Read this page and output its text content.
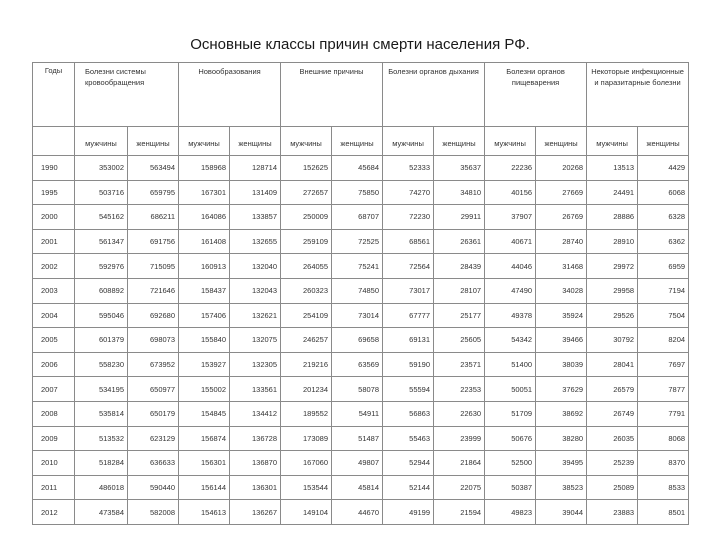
Основные классы причин смерти населения РФ.
Годы	Болезни системы кровообращения		Новообразования		Внешние причины		Болезни органов дыхания		Болезни органов пищеварения		Некоторые инфекционные и паразитарные болезни	
	мужчины	женщины	мужчины	женщины	мужчины	женщины	мужчины	женщины	мужчины	женщины	мужчины	женщины
1990	353002	563494	158968	128714	152625	45684	52333	35637	22236	20268	13513	4429
1995	503716	659795	167301	131409	272657	75850	74270	34810	40156	27669	24491	6068
2000	545162	686211	164086	133857	250009	68707	72230	29911	37907	26769	28886	6328
2001	561347	691756	161408	132655	259109	72525	68561	26361	40671	28740	28910	6362
2002	592976	715095	160913	132040	264055	75241	72564	28439	44046	31468	29972	6959
2003	608892	721646	158437	132043	260323	74850	73017	28107	47490	34028	29958	7194
2004	595046	692680	157406	132621	254109	73014	67777	25177	49378	35924	29526	7504
2005	601379	698073	155840	132075	246257	69658	69131	25605	54342	39466	30792	8204
2006	558230	673952	153927	132305	219216	63569	59190	23571	51400	38039	28041	7697
2007	534195	650977	155002	133561	201234	58078	55594	22353	50051	37629	26579	7877
2008	535814	650179	154845	134412	189552	54911	56863	22630	51709	38692	26749	7791
2009	513532	623129	156874	136728	173089	51487	55463	23999	50676	38280	26035	8068
2010	518284	636633	156301	136870	167060	49807	52944	21864	52500	39495	25239	8370
2011	486018	590440	156144	136301	153544	45814	52144	22075	50387	38523	25089	8533
2012	473584	582008	154613	136267	149104	44670	49199	21594	49823	39044	23883	8501
